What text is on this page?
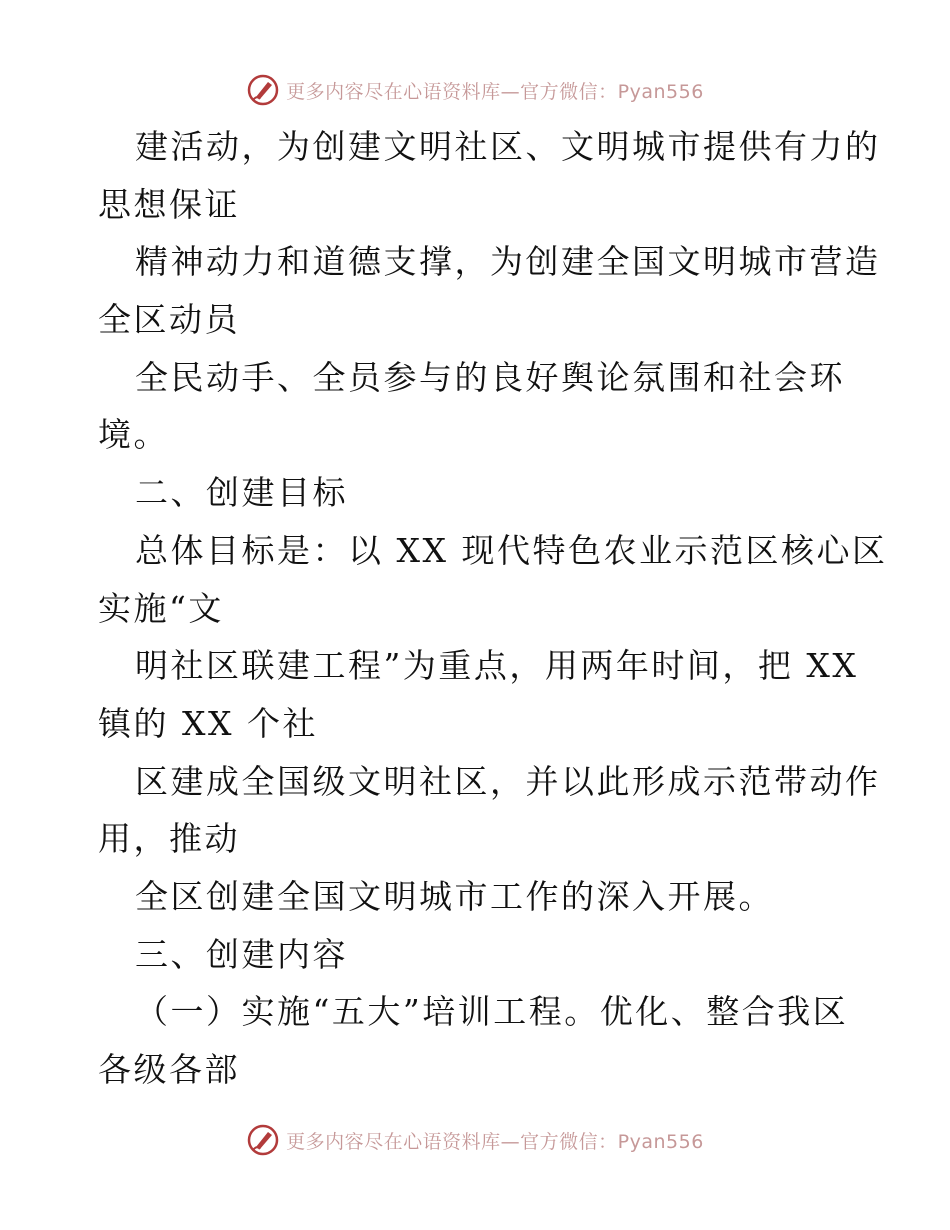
更多内容尽在心语资料库—官方微信：Pyan556
建活动，为创建文明社区、文明城市提供有力的
思想保证
精神动力和道德支撑，为创建全国文明城市营造
全区动员
全民动手、全员参与的良好舆论氛围和社会环
境。
二、创建目标
总体目标是：以 XX 现代特色农业示范区核心区
实施“文
明社区联建工程”为重点，用两年时间，把 XX
镇的 XX 个社
区建成全国级文明社区，并以此形成示范带动作
用，推动
全区创建全国文明城市工作的深入开展。
三、创建内容
（一）实施“五大”培训工程。优化、整合我区
各级各部
更多内容尽在心语资料库—官方微信：Pyan556
